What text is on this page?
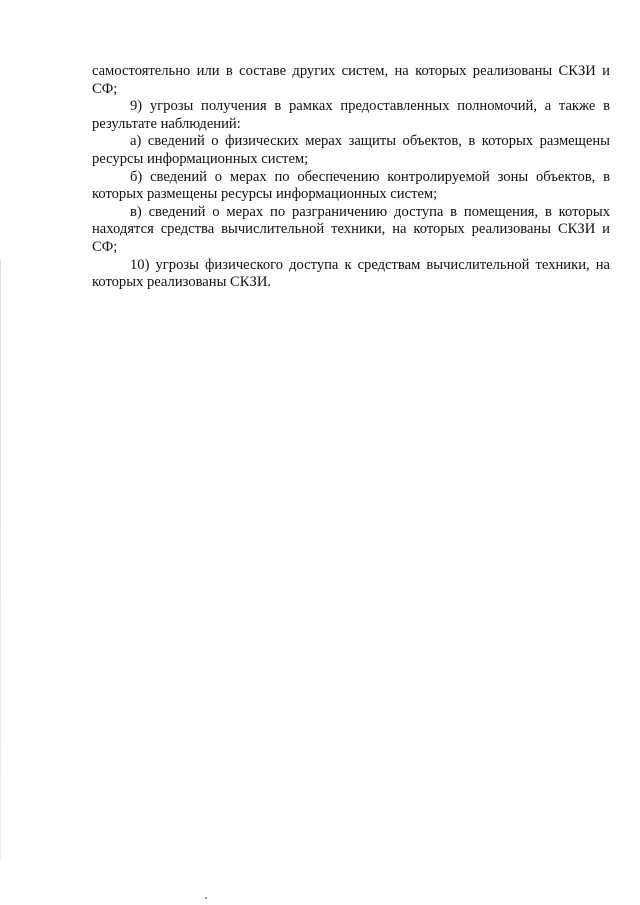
самостоятельно или в составе других систем, на которых реализованы СКЗИ и
СФ;
9) угрозы получения в рамках предоставленных полномочий, а также в
результате наблюдений:
а) сведений о физических мерах защиты объектов, в которых размещены
ресурсы информационных систем;
б) сведений о мерах по обеспечению контролируемой зоны объектов, в
которых размещены ресурсы информационных систем;
в) сведений о мерах по разграничению доступа в помещения, в которых
находятся средства вычислительной техники, на которых реализованы СКЗИ и
СФ;
10) угрозы физического доступа к средствам вычислительной техники, на
которых реализованы СКЗИ.
